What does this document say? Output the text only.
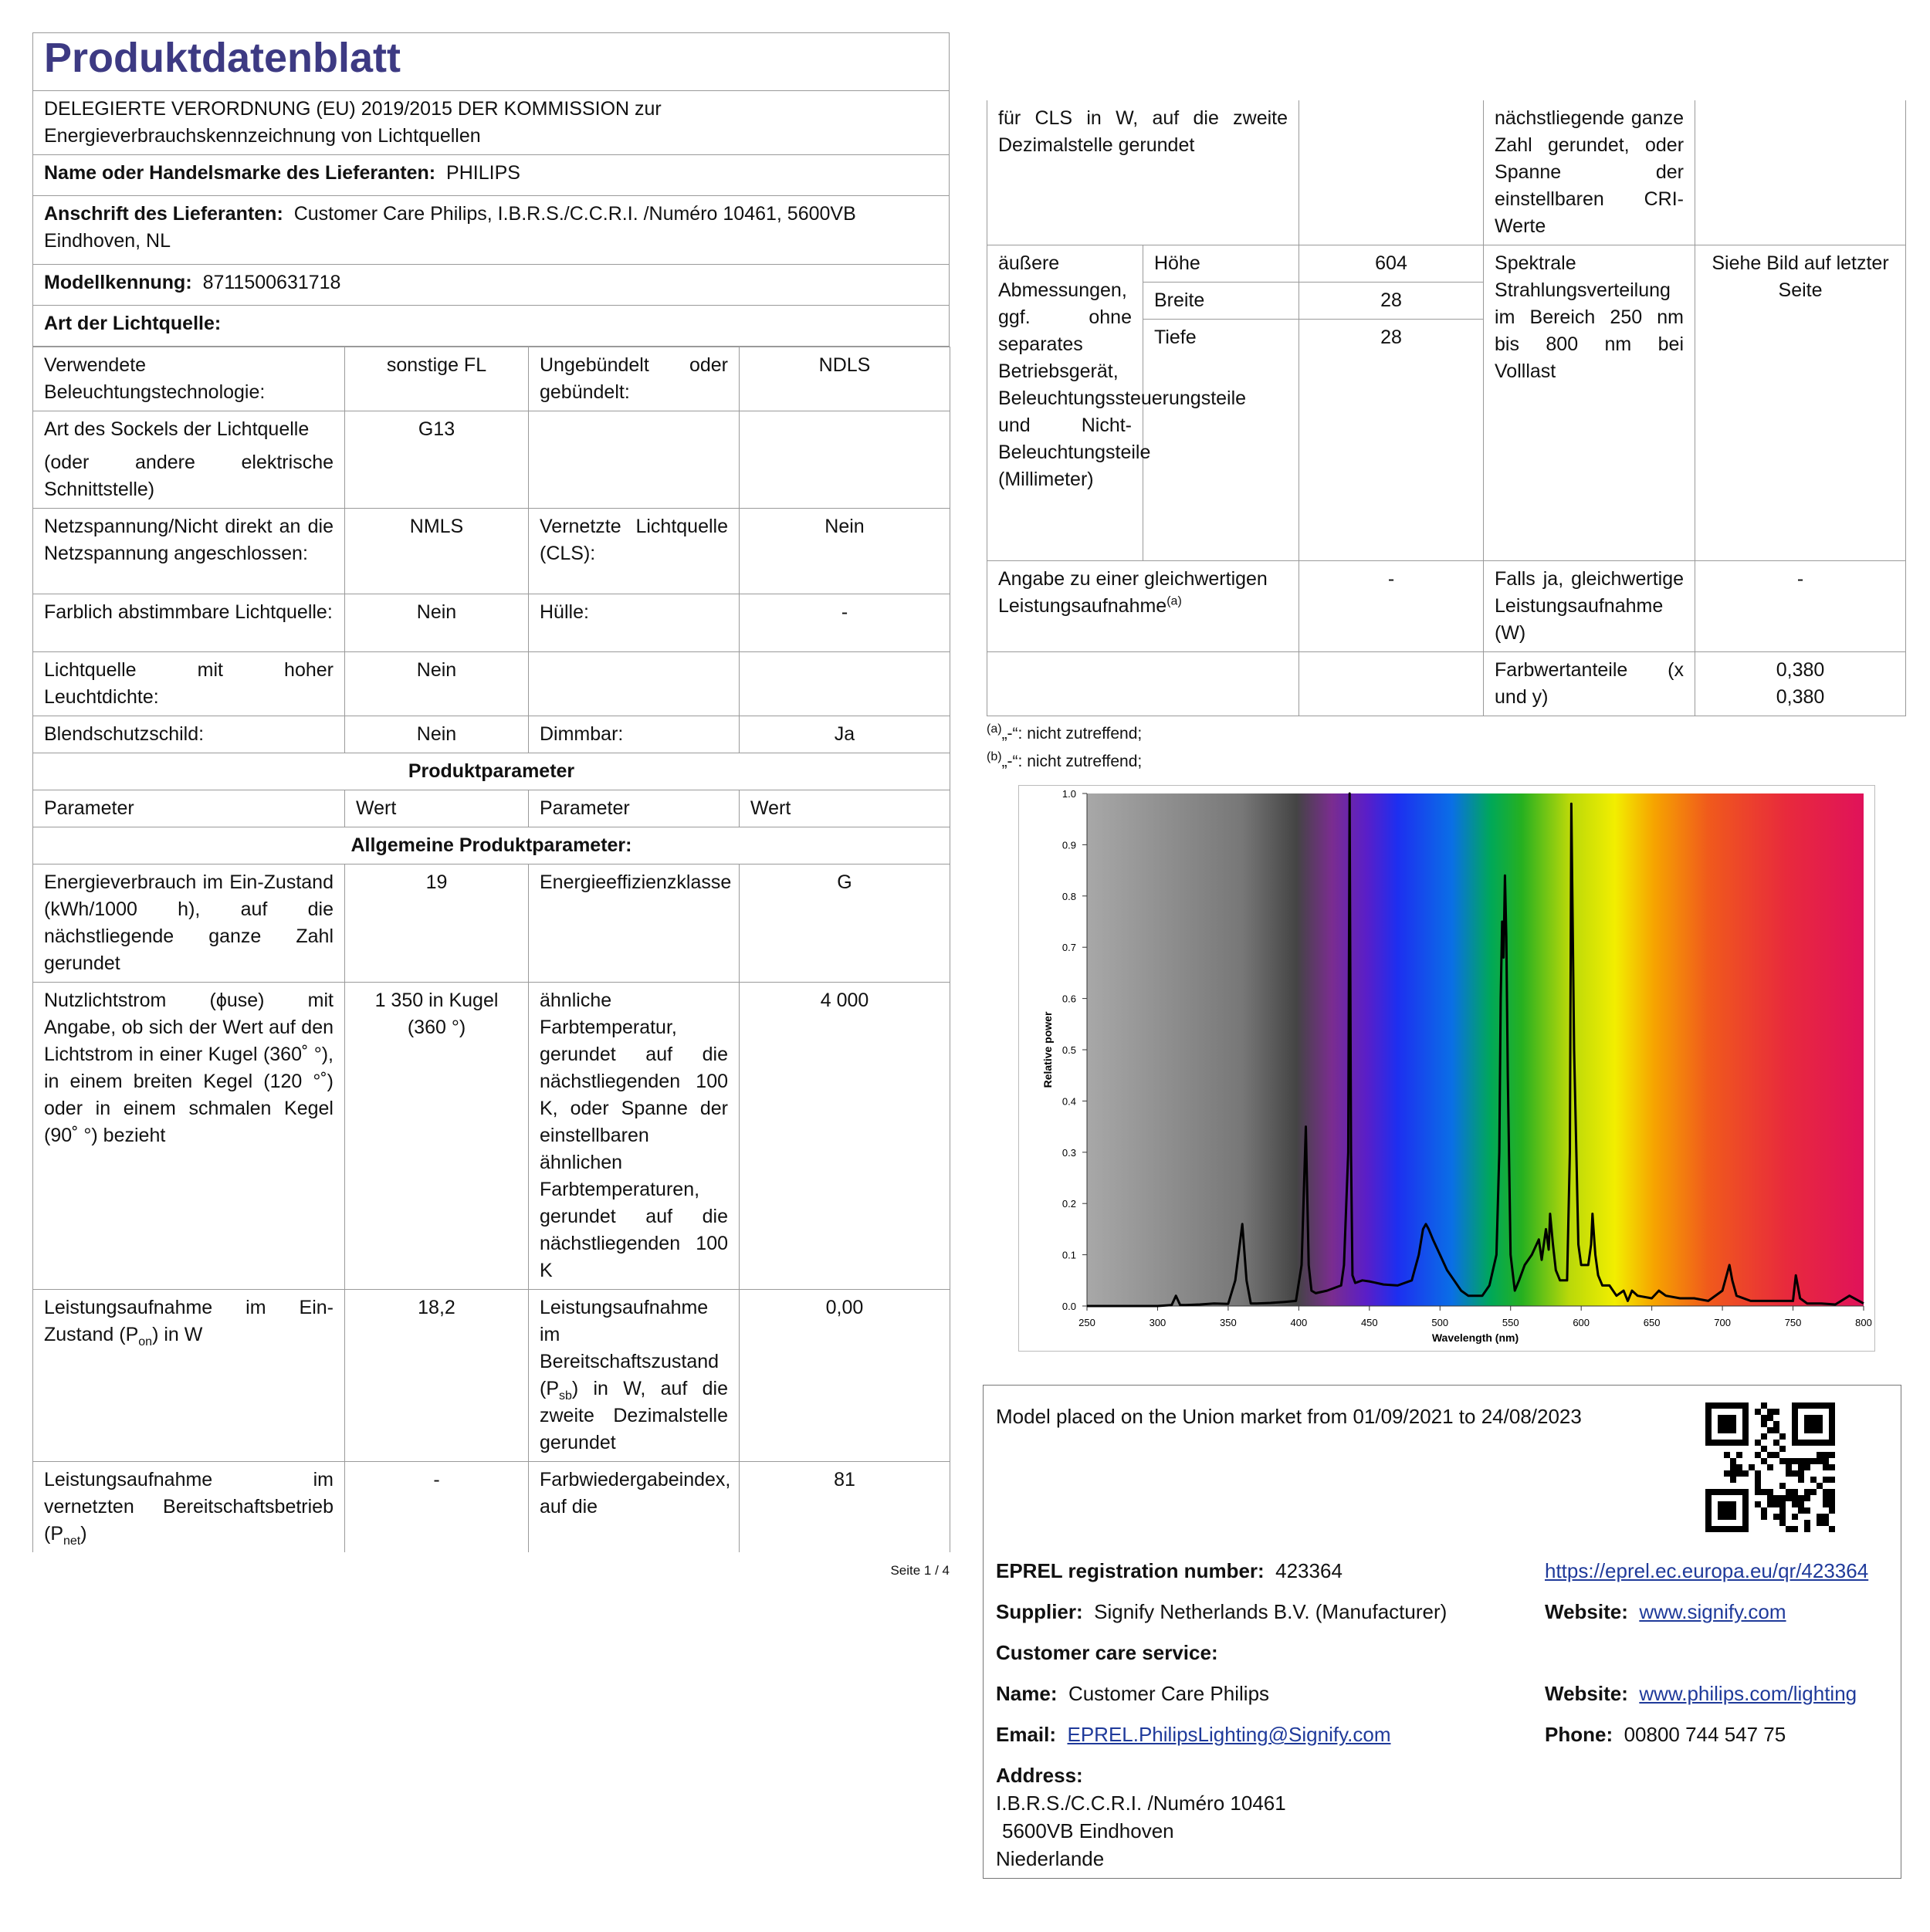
Produktdatenblatt

DELEGIERTE VERORDNUNG (EU) 2019/2015 DER KOMMISSION zur Energieverbrauchskennzeichnung von Lichtquellen
Name oder Handelsmarke des Lieferanten: PHILIPS
Anschrift des Lieferanten: Customer Care Philips, I.B.R.S./C.C.R.I. /Numéro 10461, 5600VB Eindhoven, NL
Modellkennung: 8711500631718
Art der Lichtquelle:
Verwendete Beleuchtungstechnologie:	sonstige FL	Ungebündelt oder gebündelt:	NDLS

Art des Sockels der Lichtquelle
(oder andere elektrische Schnittstelle)	G13		
Netzspannung/Nicht direkt an die Netzspannung angeschlossen:	NMLS	Vernetzte Lichtquelle (CLS):	Nein
Farblich abstimmbare Lichtquelle:	Nein	Hülle:	-
Lichtquelle mit hoher Leuchtdichte:	Nein		
Blendschutzschild:	Nein	Dimmbar:	Ja
Produktparameter			
Parameter	Wert	Parameter	Wert
Allgemeine Produktparameter:			
Energieverbrauch im Ein-Zustand (kWh/1000 h), auf die nächstliegende ganze Zahl gerundet	19	Energieeffizienzklasse	G
Nutzlichtstrom (ϕuse) mit Angabe, ob sich der Wert auf den Lichtstrom in einer Kugel (360˚ °), in einem breiten Kegel (120 °˚) oder in einem schmalen Kegel (90˚ °) bezieht	1 350 in Kugel (360 °)	ähnliche Farbtemperatur, gerundet auf die nächstliegenden 100 K, oder Spanne der einstellbaren ähnlichen Farbtemperaturen, gerundet auf die nächstliegenden 100 K	4 000
Leistungsaufnahme im Ein-Zustand $(P_{on})$ in W	18,2	Leistungsaufnahme im Bereitschaftszustand $(P_{sb})$ in W, auf die zweite Dezimalstelle gerundet	0,00
Leistungsaufnahme im vernetzten Bereitschaftsbetrieb $(P_{net})$	-	Farbwiedergabeindex, auf die	81
Seite 1 / 4
für CLS in W, auf die zweite Dezimalstelle gerundet			nächstliegende ganze Zahl gerundet, oder Spanne der einstellbaren CRI-Werte	
äußere Abmessungen, ggf. ohne separates Betriebsgerät, Beleuchtungssteuerungsteile und Nicht-Beleuchtungsteile (Millimeter)	Höhe	604	Spektrale Strahlungsverteilung im Bereich 250 nm bis 800 nm bei Volllast	Siehe Bild auf letzter Seite
	Breite	28		
	Tiefe	28		
Angabe zu einer gleichwertigen Leistungsaufnahme$^{(a)}$		-	Falls ja, gleichwertige Leistungsaufnahme (W)	-
			Farbwertanteile (x und y)	0,380
0,380
$^{(a)}$„-“: nicht zutreffend;
$^{(b)}$„-“: nicht zutreffend;
250	300	350	400	450	500	550	600	650	700	750	800
0.0
0.1
0.2
0.3
0.4
0.5
0.6
0.7
0.8
0.9
1.0
Wavelength (nm)
Relative power
Model placed on the Union market from 01/09/2021 to 24/08/2023
EPREL registration number: 423364	https://eprel.ec.europa.eu/qr/423364
Supplier: Signify Netherlands B.V. (Manufacturer)	Website: www.signify.com
Customer care service:
Name: Customer Care Philips	Website: www.philips.com/lighting
Email: EPREL.PhilipsLighting@Signify.com	Phone: 00800 744 547 75
Address:
I.B.R.S./C.C.R.I. /Numéro 10461
5600VB Eindhoven
Niederlande
